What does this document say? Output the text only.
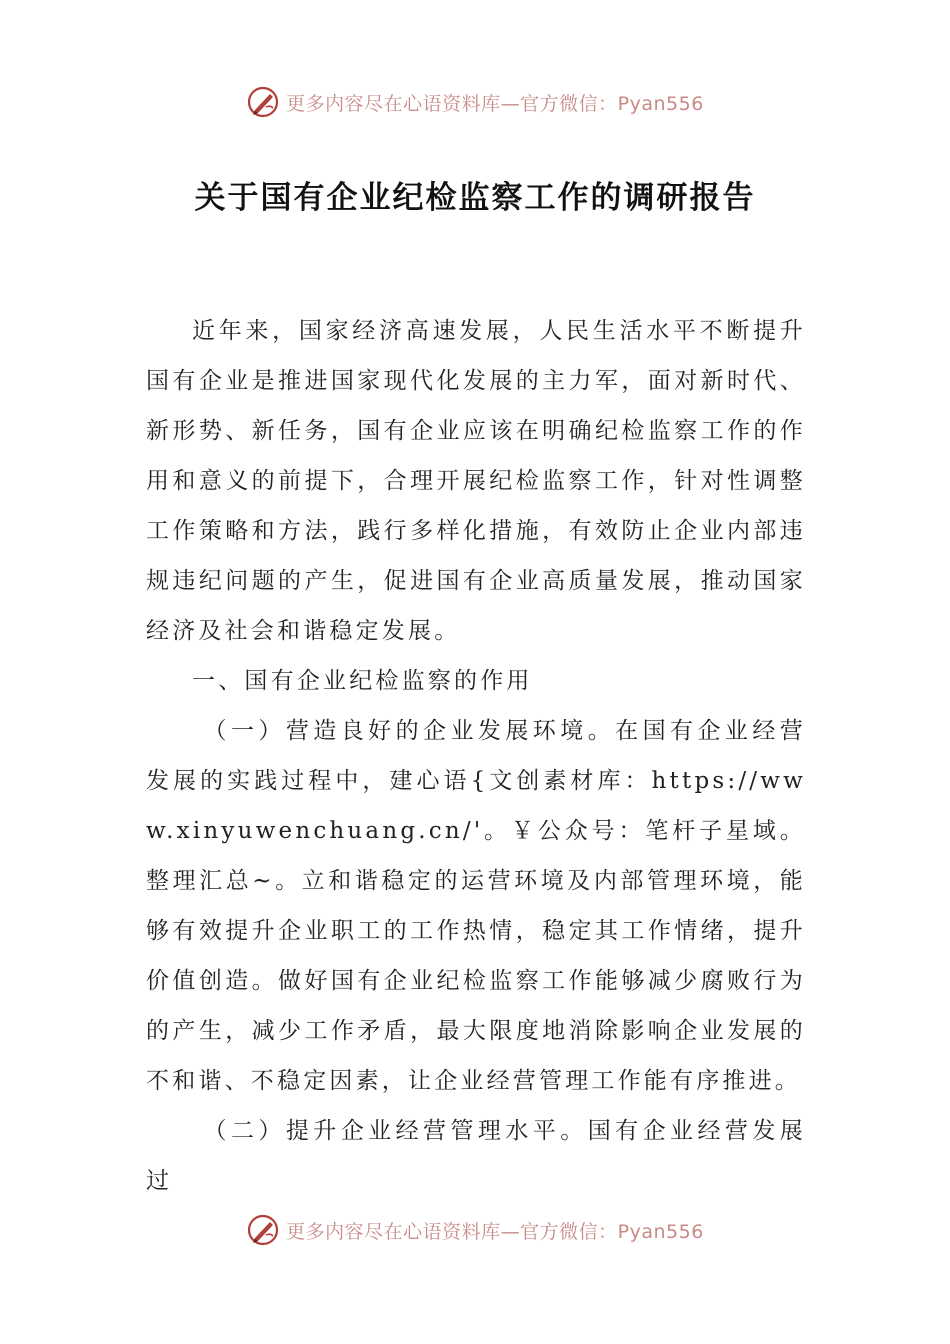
更多内容尽在心语资料库—官方微信：Pyan556
关于国有企业纪检监察工作的调研报告

近年来，国家经济高速发展，人民生活水平不断提升国有企业是推进国家现代化发展的主力军，面对新时代、新形势、新任务，国有企业应该在明确纪检监察工作的作用和意义的前提下，合理开展纪检监察工作，针对性调整工作策略和方法，践行多样化措施，有效防止企业内部违规违纪问题的产生，促进国有企业高质量发展，推动国家经济及社会和谐稳定发展。

一、国有企业纪检监察的作用

（一）营造良好的企业发展环境。在国有企业经营发展的实践过程中，建心语{文创素材库：https://www.xinyuwenchuang.cn/'。￥公众号：笔杆子星域。整理汇总~。立和谐稳定的运营环境及内部管理环境，能够有效提升企业职工的工作热情，稳定其工作情绪，提升价值创造。做好国有企业纪检监察工作能够减少腐败行为的产生，减少工作矛盾，最大限度地消除影响企业发展的不和谐、不稳定因素，让企业经营管理工作能有序推进。

（二）提升企业经营管理水平。国有企业经营发展过

更多内容尽在心语资料库—官方微信：Pyan556
